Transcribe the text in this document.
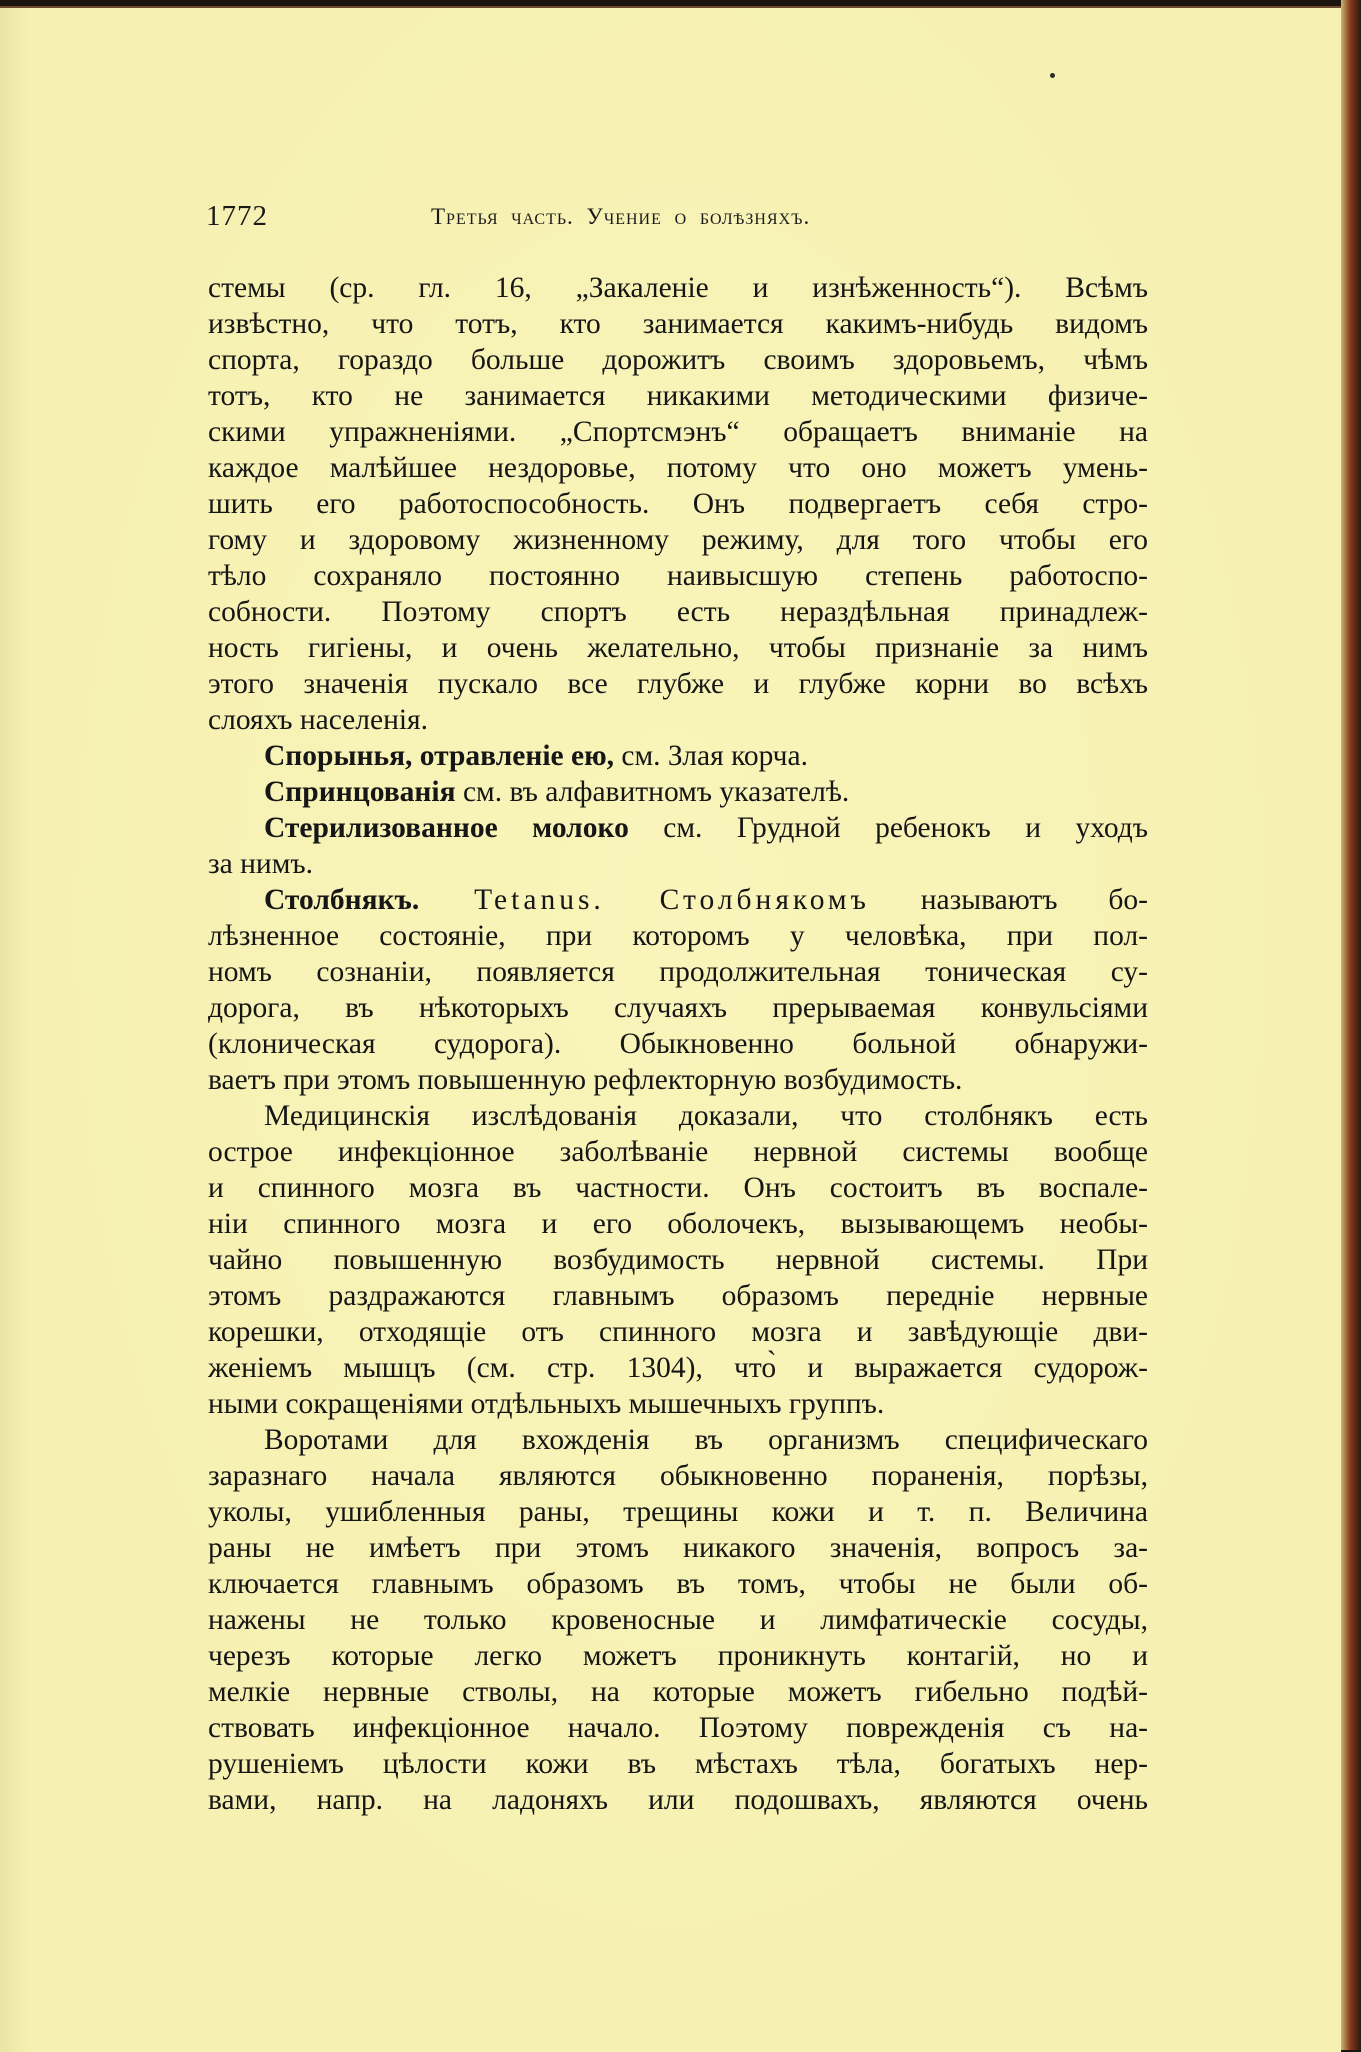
1772	Третья часть. Учение о болѣзняхъ.
стемы (ср. гл. 16, „Закаленіе и изнѣженность“). Всѣмъ
извѣстно, что тотъ, кто занимается какимъ-нибудь видомъ
спорта, гораздо больше дорожитъ своимъ здоровьемъ, чѣмъ
тотъ, кто не занимается никакими методическими физиче-
скими упражненіями. „Спортсмэнъ“ обращаетъ вниманіе на
каждое малѣйшее нездоровье, потому что оно можетъ умень-
шить его работоспособность. Онъ подвергаетъ себя стро-
гому и здоровому жизненному режиму, для того чтобы его
тѣло сохраняло постоянно наивысшую степень работоспо-
собности. Поэтому спортъ есть нераздѣльная принадлеж-
ность гигіены, и очень желательно, чтобы признаніе за нимъ
этого значенія пускало все глубже и глубже корни во всѣхъ
слояхъ населенія.
Спорынья, отравленіе ею, см. Злая корча.
Спринцованія см. въ алфавитномъ указателѣ.
Стерилизованное молоко см. Грудной ребенокъ и уходъ
за нимъ.
Столбнякъ. Tetanus. Столбнякомъ называютъ бо-
лѣзненное состояніе, при которомъ у человѣка, при пол-
номъ сознаніи, появляется продолжительная тоническая су-
дорога, въ нѣкоторыхъ случаяхъ прерываемая конвульсіями
(клоническая судорога). Обыкновенно больной обнаружи-
ваетъ при этомъ повышенную рефлекторную возбудимость.
Медицинскія изслѣдованія доказали, что столбнякъ есть
острое инфекціонное заболѣваніе нервной системы вообще
и спинного мозга въ частности. Онъ состоитъ въ воспале-
ніи спинного мозга и его оболочекъ, вызывающемъ необы-
чайно повышенную возбудимость нервной системы. При
этомъ раздражаются главнымъ образомъ переднiе нервные
корешки, отходящіе отъ спинного мозга и завѣдующіе дви-
женіемъ мышцъ (см. стр. 1304), что̀ и выражается судорож-
ными сокращеніями отдѣльныхъ мышечныхъ группъ.
Воротами для вхожденія въ организмъ специфическаго
заразнаго начала являются обыкновенно пораненія, порѣзы,
уколы, ушибленныя раны, трещины кожи и т. п. Величина
раны не имѣетъ при этомъ никакого значенія, вопросъ за-
ключается главнымъ образомъ въ томъ, чтобы не были об-
нажены не только кровеносные и лимфатическіе сосуды,
черезъ которые легко можетъ проникнуть контагій, но и
мелкіе нервные стволы, на которые можетъ гибельно подѣй-
ствовать инфекціонное начало. Поэтому поврежденія съ на-
рушеніемъ цѣлости кожи въ мѣстахъ тѣла, богатыхъ нер-
вами, напр. на ладоняхъ или подошвахъ, являются очень
